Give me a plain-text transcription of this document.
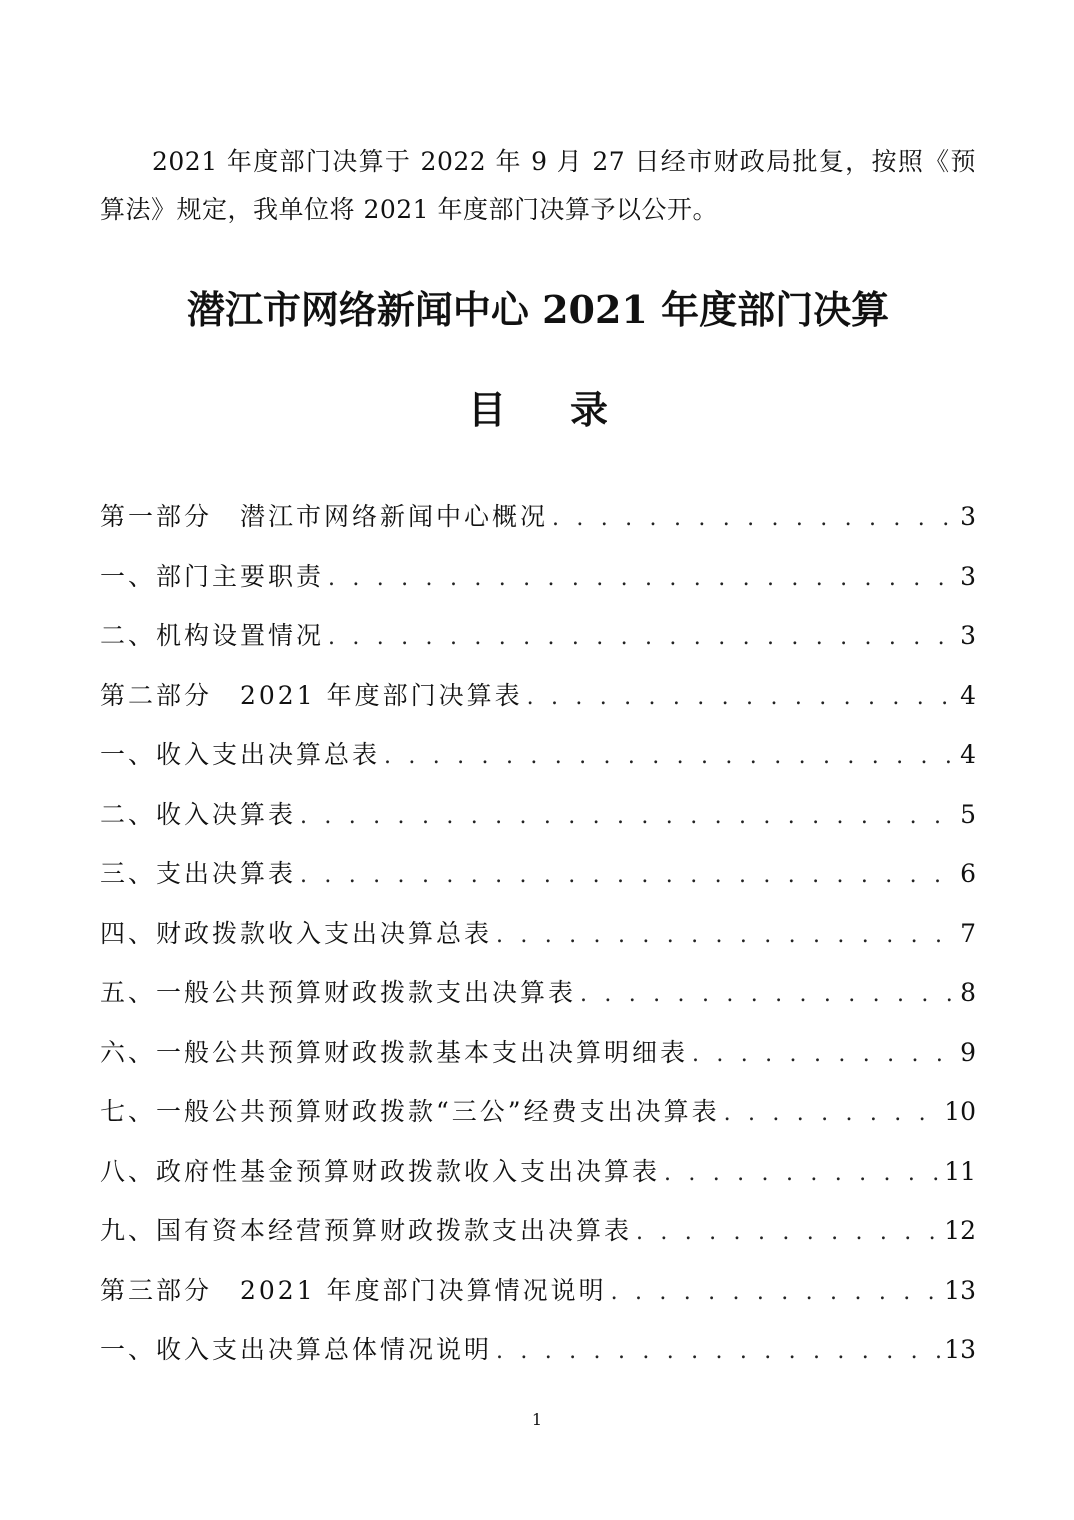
2021 年度部门决算于 2022 年 9 月 27 日经市财政局批复，按照《预算法》规定，我单位将 2021 年度部门决算予以公开。

潜江市网络新闻中心 2021 年度部门决算
目录
第一部分　潜江市网络新闻中心概况 . . .	3
一、部门主要职责 . . .	3
二、机构设置情况 . . .	3
第二部分　2021 年度部门决算表 . . .	4
一、收入支出决算总表 . . .	4
二、收入决算表 . . .	5
三、支出决算表 . . .	6
四、财政拨款收入支出决算总表 . . .	7
五、一般公共预算财政拨款支出决算表 . . .	8
六、一般公共预算财政拨款基本支出决算明细表 . . .	9
七、一般公共预算财政拨款“三公”经费支出决算表 . . .	10
八、政府性基金预算财政拨款收入支出决算表 . . .	11
九、国有资本经营预算财政拨款支出决算表 . . .	12
第三部分　2021 年度部门决算情况说明 . . .	13
一、收入支出决算总体情况说明 . . .	13

1
